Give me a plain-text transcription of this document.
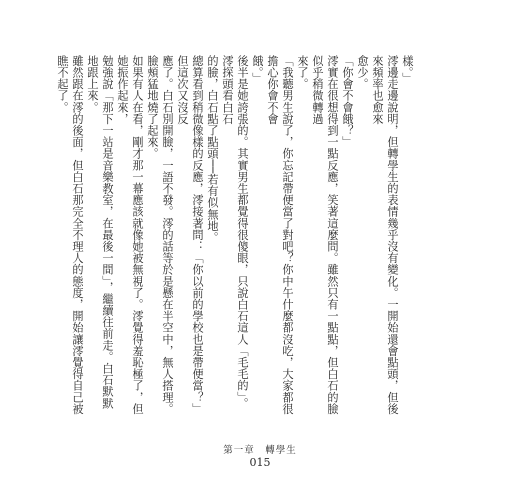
樣。」

澪邊走邊說明，但轉學生的表情幾乎沒有變化。一開始還會點頭，但後來頻率也愈來

愈少。

「你會不會餓？」

澪實在很想得到一點反應，笑著這麼問。雖然只有一點點，但白石的臉似乎稍微轉過

來了。

「我聽男生說了，你忘記帶便當了對吧？你中午什麼都沒吃，大家都很擔心你會不會

餓。」

後半是她誇張的。其實男生都覺得很傻眼，只說白石這人「毛毛的」。澪探頭看白石

的臉，白石點了點頭──若有似無地。

總算看到稍微像樣的反應，澪接著問：「你以前的學校也是帶便當？」但這次又沒反

應了。白石別開臉，一語不發。澪的話等於是懸在半空中，無人搭理。

臉頰猛地燒了起來。

如果有人在看，剛才那一幕應該就像她被無視了。澪覺得羞恥極了，但她振作起來，

勉強說「那下一站是音樂教室，在最後一間」，繼續往前走。白石默默地跟上來。

雖然跟在澪的後面，但白石那完全不理人的態度，開始讓澪覺得自己被瞧不起了。

第一章　轉學生
015
